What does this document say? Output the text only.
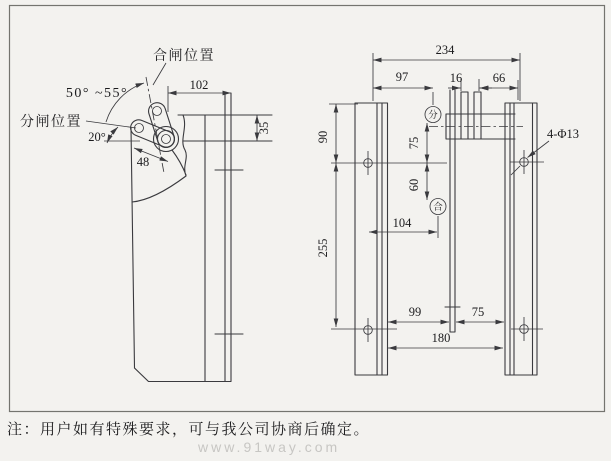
合闸位置
50° ~55°
分闸位置
20°
48
102
35
分
合
234
97	16 66
90	75
60
104
255
99	75
180
4-Φ13
注：用户如有特殊要求，可与我公司协商后确定。
www.91way.com
